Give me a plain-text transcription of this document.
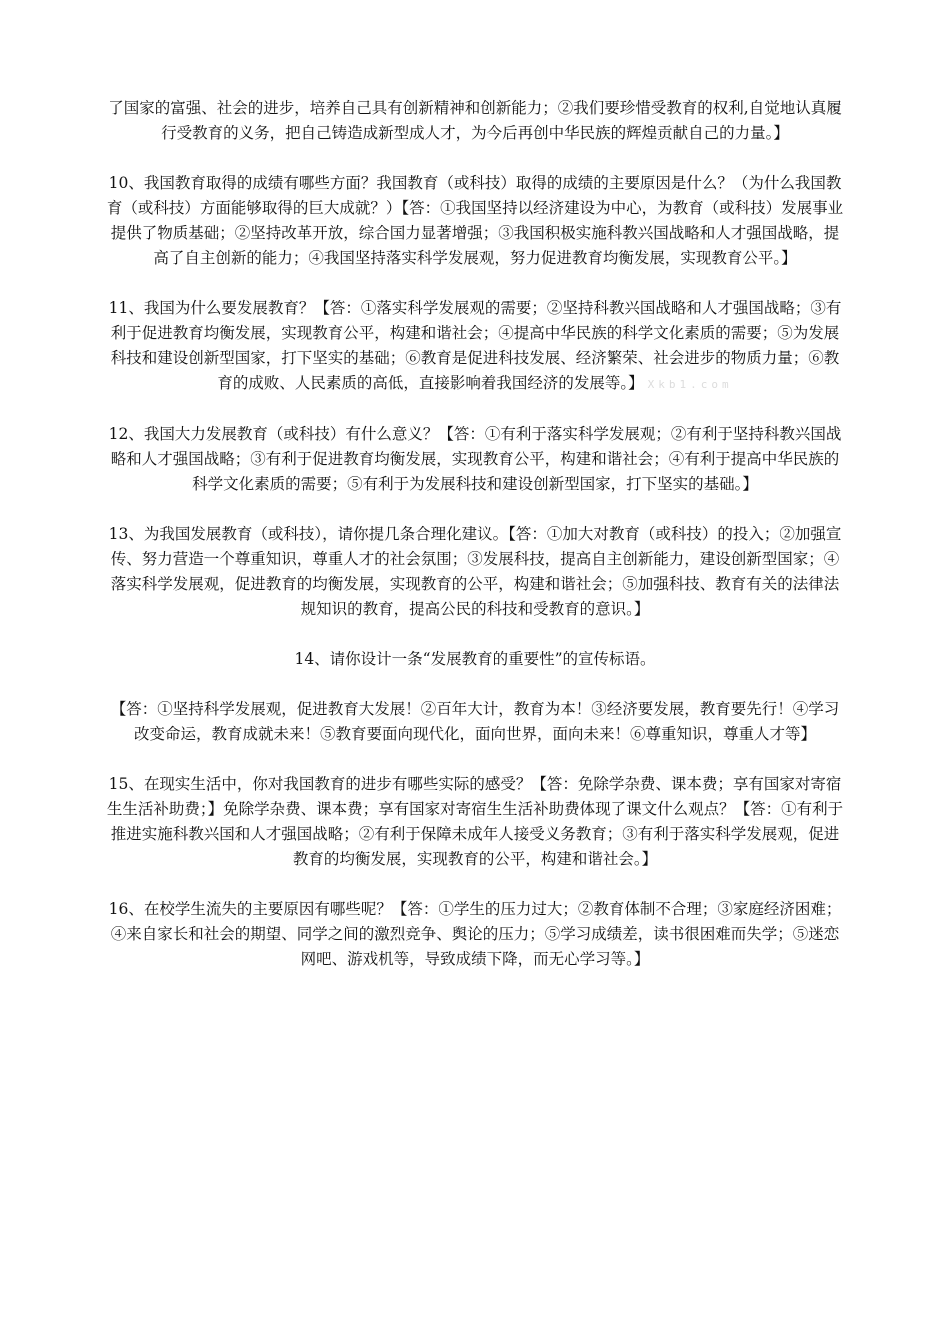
了国家的富强、社会的进步，培养自己具有创新精神和创新能力；②我们要珍惜受教育的权利,自觉地认真履行受教育的义务，把自己铸造成新型成人才，为今后再创中华民族的辉煌贡献自己的力量。】

10、我国教育取得的成绩有哪些方面？我国教育（或科技）取得的成绩的主要原因是什么？（为什么我国教育（或科技）方面能够取得的巨大成就？）【答：①我国坚持以经济建设为中心，为教育（或科技）发展事业提供了物质基础；②坚持改革开放，综合国力显著增强；③我国积极实施科教兴国战略和人才强国战略，提高了自主创新的能力；④我国坚持落实科学发展观，努力促进教育均衡发展，实现教育公平。】

11、我国为什么要发展教育？【答：①落实科学发展观的需要；②坚持科教兴国战略和人才强国战略；③有利于促进教育均衡发展，实现教育公平，构建和谐社会；④提高中华民族的科学文化素质的需要；⑤为发展科技和建设创新型国家，打下坚实的基础；⑥教育是促进科技发展、经济繁荣、社会进步的物质力量；⑥教育的成败、人民素质的高低，直接影响着我国经济的发展等。】 Xkb1.com

12、我国大力发展教育（或科技）有什么意义？【答：①有利于落实科学发展观；②有利于坚持科教兴国战略和人才强国战略；③有利于促进教育均衡发展，实现教育公平，构建和谐社会；④有利于提高中华民族的科学文化素质的需要；⑤有利于为发展科技和建设创新型国家，打下坚实的基础。】

13、为我国发展教育（或科技），请你提几条合理化建议。【答：①加大对教育（或科技）的投入；②加强宣传、努力营造一个尊重知识，尊重人才的社会氛围；③发展科技，提高自主创新能力，建设创新型国家；④落实科学发展观，促进教育的均衡发展，实现教育的公平，构建和谐社会；⑤加强科技、教育有关的法律法规知识的教育，提高公民的科技和受教育的意识。】

14、请你设计一条“发展教育的重要性”的宣传标语。

【答：①坚持科学发展观，促进教育大发展！②百年大计，教育为本！③经济要发展，教育要先行！④学习改变命运，教育成就未来！⑤教育要面向现代化，面向世界，面向未来！⑥尊重知识，尊重人才等】

15、在现实生活中，你对我国教育的进步有哪些实际的感受？【答：免除学杂费、课本费；享有国家对寄宿生生活补助费；】免除学杂费、课本费；享有国家对寄宿生生活补助费体现了课文什么观点？【答：①有利于推进实施科教兴国和人才强国战略；②有利于保障未成年人接受义务教育；③有利于落实科学发展观，促进教育的均衡发展，实现教育的公平，构建和谐社会。】

16、在校学生流失的主要原因有哪些呢？【答：①学生的压力过大；②教育体制不合理；③家庭经济困难；④来自家长和社会的期望、同学之间的激烈竞争、舆论的压力；⑤学习成绩差，读书很困难而失学；⑤迷恋网吧、游戏机等，导致成绩下降，而无心学习等。】
